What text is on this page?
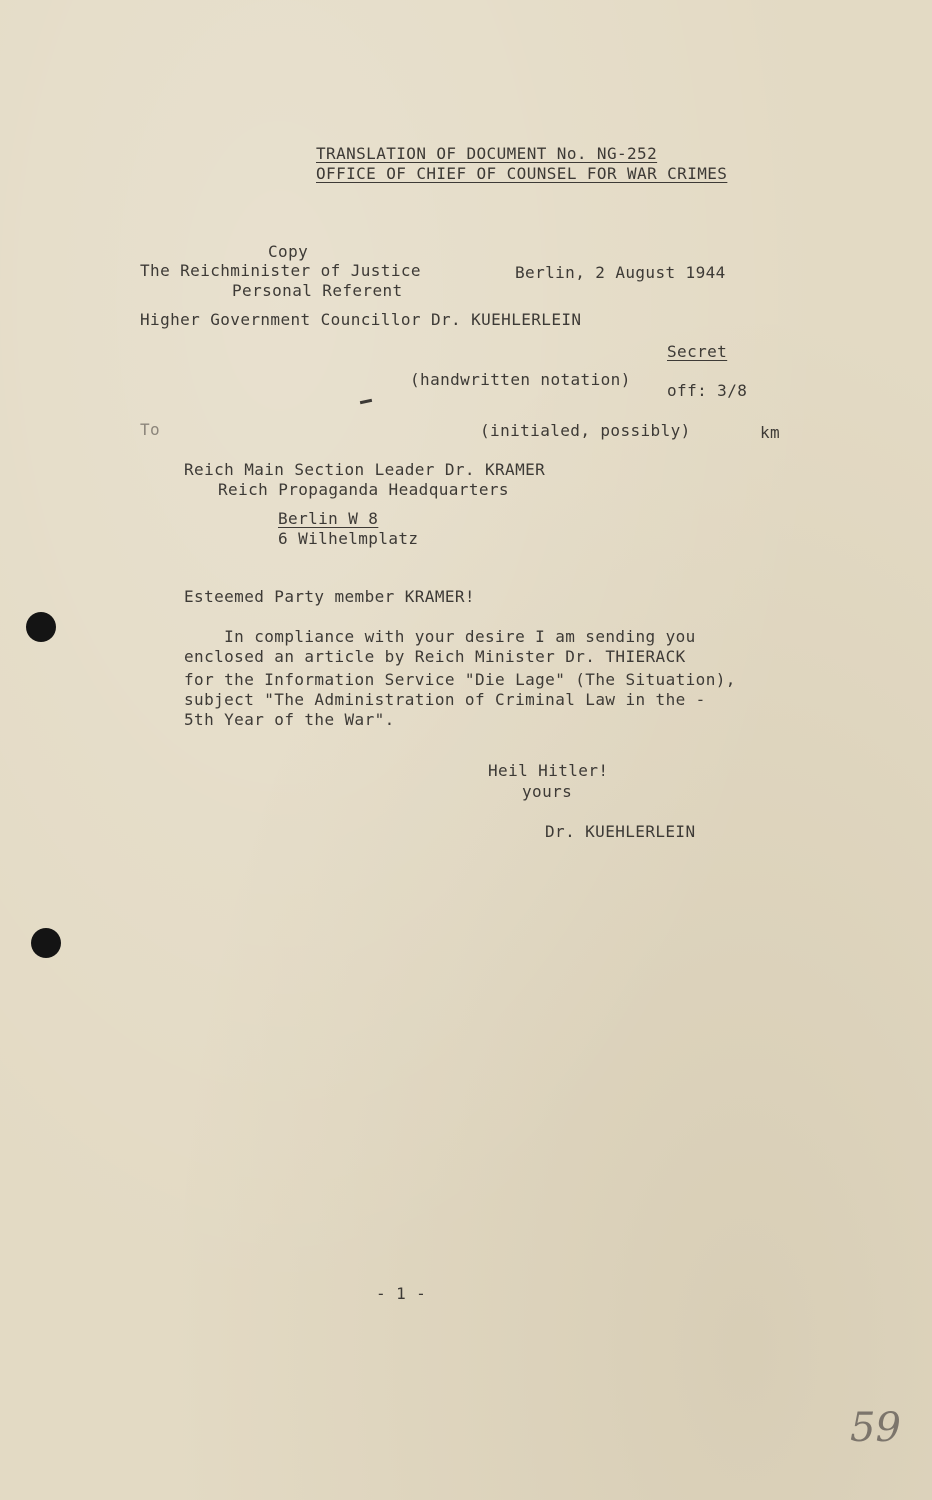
TRANSLATION OF DOCUMENT No. NG-252
OFFICE OF CHIEF OF COUNSEL FOR WAR CRIMES
Copy
The Reichminister of Justice	Berlin, 2 August 1944
Personal Referent
Higher Government Councillor Dr. KUEHLERLEIN
Secret
(handwritten notation)
off: 3/8
To	(initialed, possibly)	km
Reich Main Section Leader Dr. KRAMER
Reich Propaganda Headquarters
Berlin W 8
6 Wilhelmplatz
Esteemed Party member KRAMER!
In compliance with your desire I am sending you
enclosed an article by Reich Minister Dr. THIERACK
for the Information Service "Die Lage" (The Situation),
subject "The Administration of Criminal Law in the -
5th Year of the War".
Heil Hitler!
yours
Dr. KUEHLERLEIN
- 1 -
59
